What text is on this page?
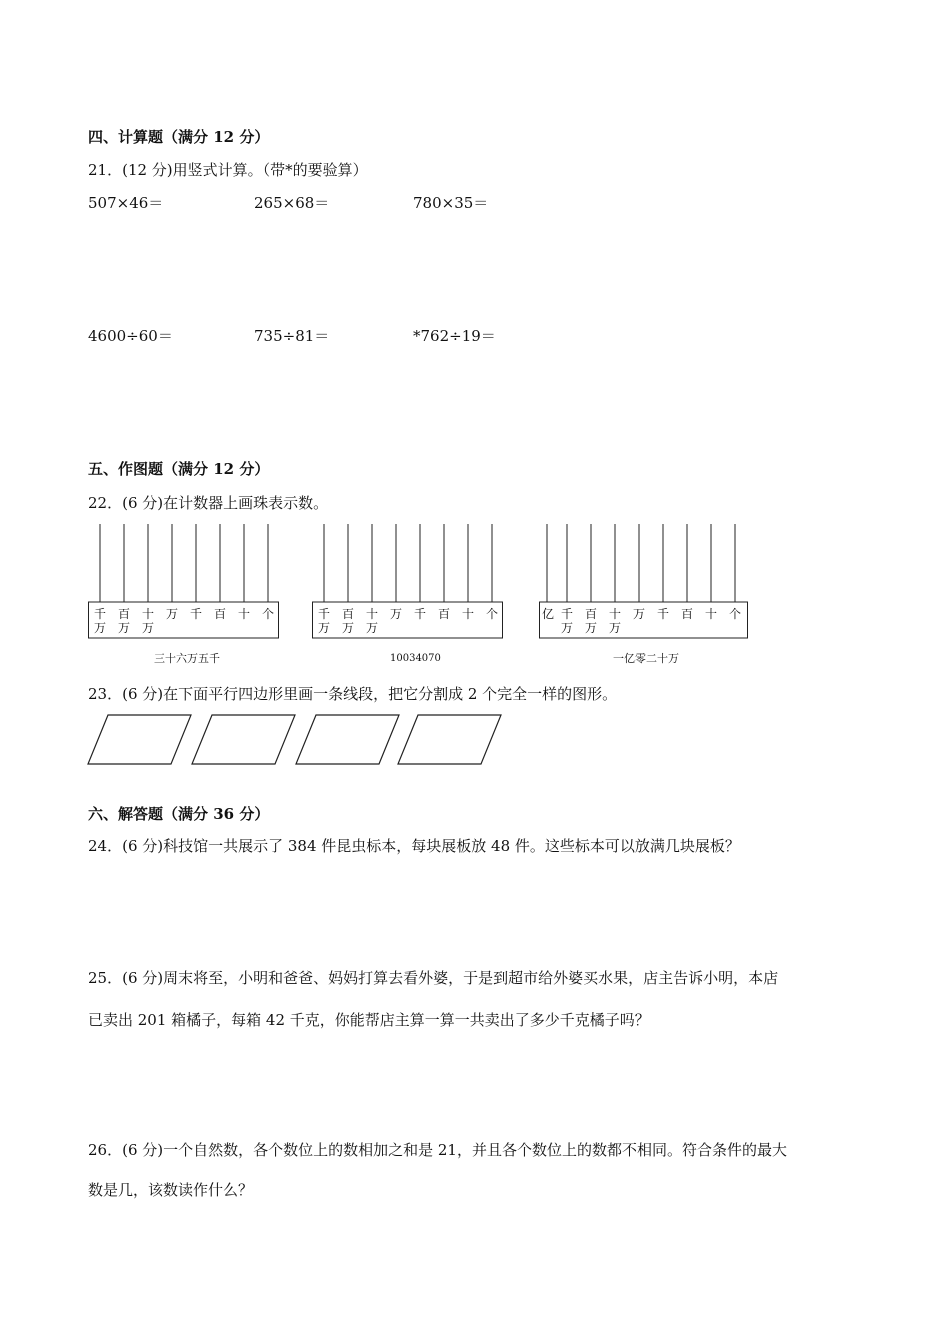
四、计算题（满分 12 分）
21．(12 分)用竖式计算。（带*的要验算）
507×46＝	265×68＝	780×35＝
4600÷60＝	735÷81＝	*762÷19＝
五、作图题（满分 12 分）
22．(6 分)在计数器上画珠表示数。
千 百 十 万 千 百 十 个
万 万 万
三十六万五千
千 百 十 万 千 百 十 个
万 万 万
10034070
亿 千 百 十 万 千 百 十 个
万 万 万
一亿零二十万
23．(6 分)在下面平行四边形里画一条线段，把它分割成 2 个完全一样的图形。
六、解答题（满分 36 分）
24．(6 分)科技馆一共展示了 384 件昆虫标本，每块展板放 48 件。这些标本可以放满几块展板？
25．(6 分)周末将至，小明和爸爸、妈妈打算去看外婆，于是到超市给外婆买水果，店主告诉小明，本店
已卖出 201 箱橘子，每箱 42 千克，你能帮店主算一算一共卖出了多少千克橘子吗？
26．(6 分)一个自然数，各个数位上的数相加之和是 21，并且各个数位上的数都不相同。符合条件的最大
数是几，该数读作什么？
